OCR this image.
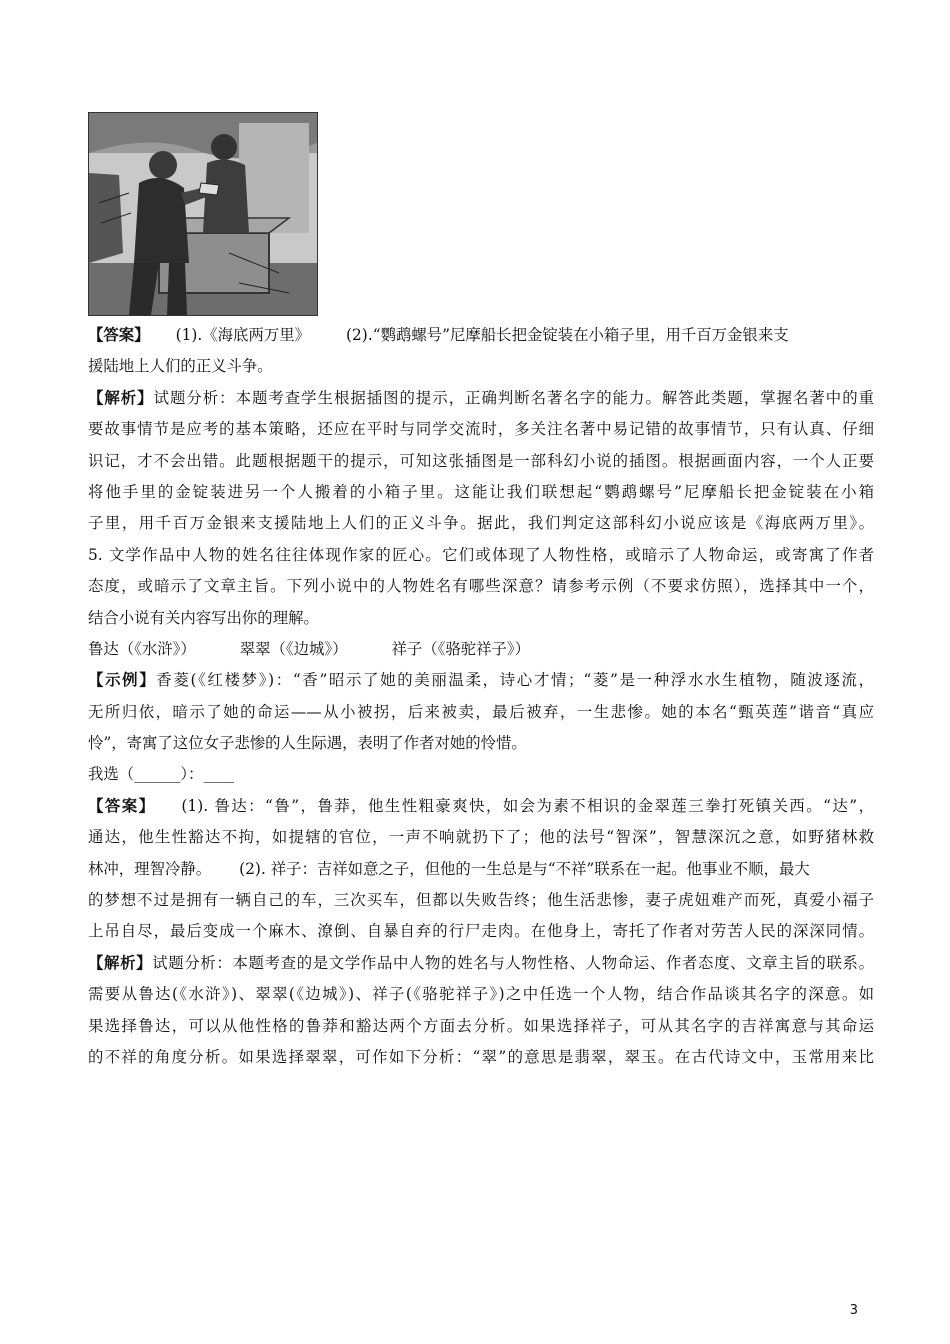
【答案】 (1).《海底两万里》 (2).“鹦鹉螺号”尼摩船长把金锭装在小箱子里，用千百万金银来支
援陆地上人们的正义斗争。
【解析】试题分析：本题考查学生根据插图的提示，正确判断名著名字的能力。解答此类题，掌握名著中的重
要故事情节是应考的基本策略，还应在平时与同学交流时，多关注名著中易记错的故事情节，只有认真、仔细
识记，才不会出错。此题根据题干的提示，可知这张插图是一部科幻小说的插图。根据画面内容，一个人正要
将他手里的金锭装进另一个人搬着的小箱子里。这能让我们联想起“鹦鹉螺号”尼摩船长把金锭装在小箱
子里，用千百万金银来支援陆地上人们的正义斗争。据此，我们判定这部科幻小说应该是《海底两万里》。
5. 文学作品中人物的姓名往往体现作家的匠心。它们或体现了人物性格，或暗示了人物命运，或寄寓了作者
态度，或暗示了文章主旨。下列小说中的人物姓名有哪些深意？请参考示例（不要求仿照），选择其中一个，
结合小说有关内容写出你的理解。
鲁达（《水浒》）	翠翠（《边城》）	祥子（《骆驼祥子》）
【示例】香菱(《红楼梦》)：“香”昭示了她的美丽温柔，诗心才情；“菱”是一种浮水水生植物，随波逐流，
无所归依，暗示了她的命运——从小被拐，后来被卖，最后被弃，一生悲惨。她的本名“甄英莲”谐音“真应
怜”，寄寓了这位女子悲惨的人生际遇，表明了作者对她的怜惜。
我选（______）：____
【答案】 (1). 鲁达：“鲁”，鲁莽，他生性粗豪爽快，如会为素不相识的金翠莲三拳打死镇关西。“达”，
通达，他生性豁达不拘，如提辖的官位，一声不响就扔下了；他的法号“智深”，智慧深沉之意，如野猪林救
林冲，理智冷静。 (2). 祥子：吉祥如意之子，但他的一生总是与“不祥”联系在一起。他事业不顺，最大
的梦想不过是拥有一辆自己的车，三次买车，但都以失败告终；他生活悲惨，妻子虎妞难产而死，真爱小福子
上吊自尽，最后变成一个麻木、潦倒、自暴自弃的行尸走肉。在他身上，寄托了作者对劳苦人民的深深同情。
【解析】试题分析：本题考查的是文学作品中人物的姓名与人物性格、人物命运、作者态度、文章主旨的联系。
需要从鲁达(《水浒》)、翠翠(《边城》)、祥子(《骆驼祥子》)之中任选一个人物，结合作品谈其名字的深意。如
果选择鲁达，可以从他性格的鲁莽和豁达两个方面去分析。如果选择祥子，可从其名字的吉祥寓意与其命运
的不祥的角度分析。如果选择翠翠，可作如下分析：“翠”的意思是翡翠，翠玉。在古代诗文中，玉常用来比
3
